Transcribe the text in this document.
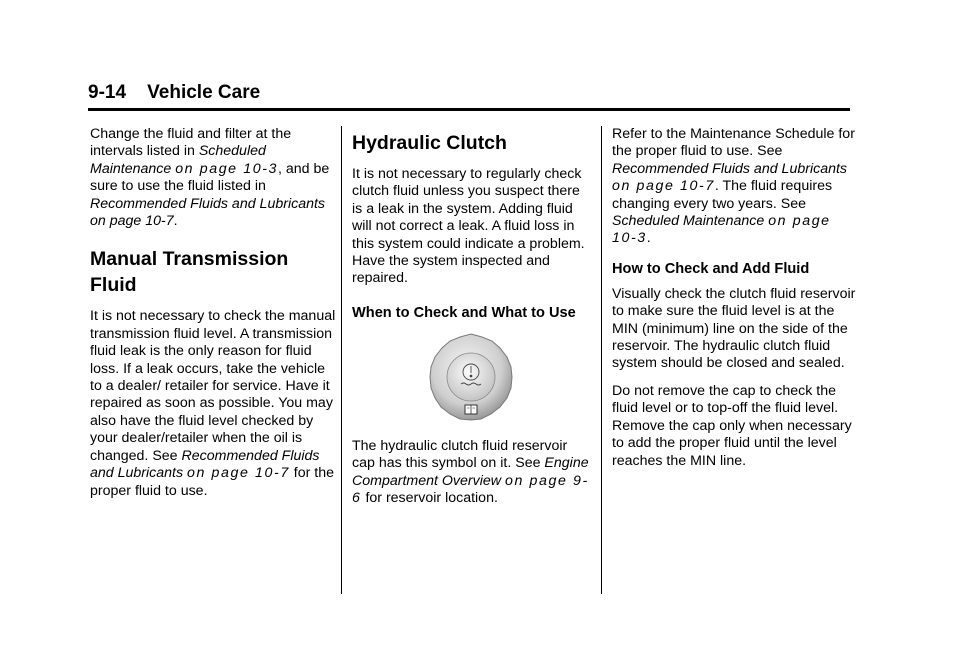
9-14 Vehicle Care

Change the fluid and filter at the intervals listed in Scheduled Maintenance on page 10-3, and be sure to use the fluid listed in Recommended Fluids and Lubricants on page 10-7.

Manual Transmission Fluid

It is not necessary to check the manual transmission fluid level. A transmission fluid leak is the only reason for fluid loss. If a leak occurs, take the vehicle to a dealer/ retailer for service. Have it repaired as soon as possible. You may also have the fluid level checked by your dealer/retailer when the oil is changed. See Recommended Fluids and Lubricants on page 10-7 for the proper fluid to use.

Hydraulic Clutch

It is not necessary to regularly check clutch fluid unless you suspect there is a leak in the system. Adding fluid will not correct a leak. A fluid loss in this system could indicate a problem. Have the system inspected and repaired.

When to Check and What to Use

The hydraulic clutch fluid reservoir cap has this symbol on it. See Engine Compartment Overview on page 9-6 for reservoir location.

Refer to the Maintenance Schedule for the proper fluid to use. See Recommended Fluids and Lubricants on page 10-7. The fluid requires changing every two years. See Scheduled Maintenance on page 10-3.

How to Check and Add Fluid

Visually check the clutch fluid reservoir to make sure the fluid level is at the MIN (minimum) line on the side of the reservoir. The hydraulic clutch fluid system should be closed and sealed.

Do not remove the cap to check the fluid level or to top-off the fluid level. Remove the cap only when necessary to add the proper fluid until the level reaches the MIN line.
